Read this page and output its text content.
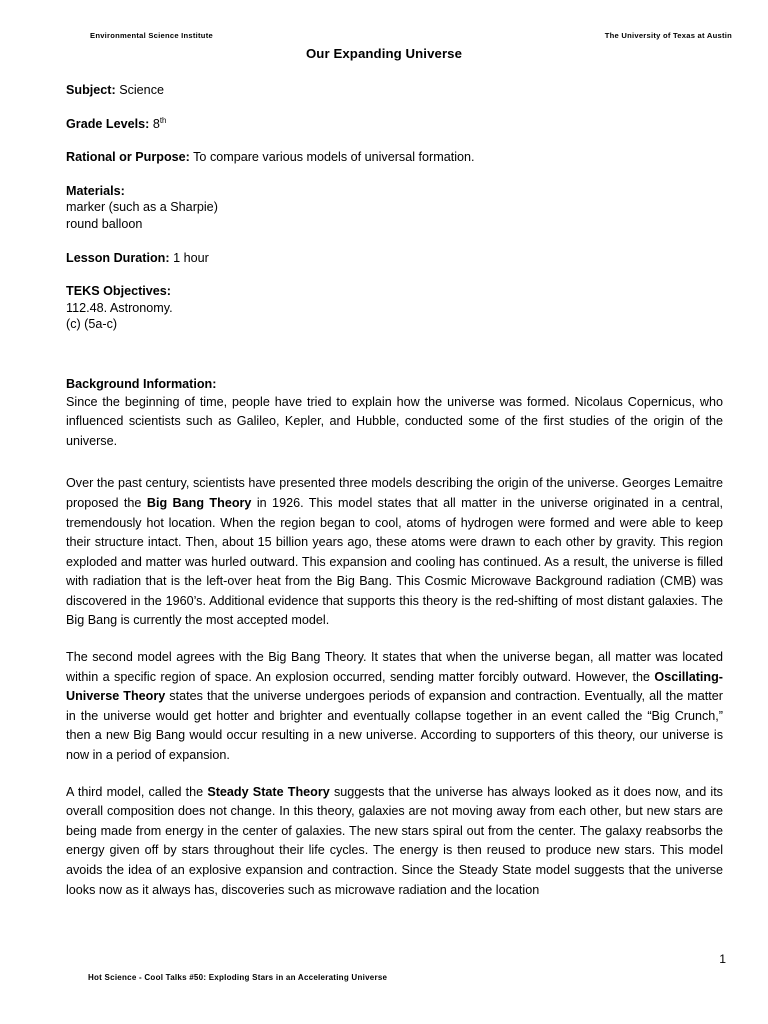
Environmental Science Institute	The University of Texas at Austin
Our Expanding Universe

Subject: Science

Grade Levels: 8th

Rational or Purpose: To compare various models of universal formation.

Materials:
marker (such as a Sharpie)
round balloon

Lesson Duration: 1 hour

TEKS Objectives:
112.48. Astronomy.
(c) (5a-c)
Background Information:
Since the beginning of time, people have tried to explain how the universe was formed. Nicolaus Copernicus, who influenced scientists such as Galileo, Kepler, and Hubble, conducted some of the first studies of the origin of the universe.

Over the past century, scientists have presented three models describing the origin of the universe. Georges Lemaitre proposed the Big Bang Theory in 1926. This model states that all matter in the universe originated in a central, tremendously hot location. When the region began to cool, atoms of hydrogen were formed and were able to keep their structure intact. Then, about 15 billion years ago, these atoms were drawn to each other by gravity. This region exploded and matter was hurled outward. This expansion and cooling has continued. As a result, the universe is filled with radiation that is the left-over heat from the Big Bang. This Cosmic Microwave Background radiation (CMB) was discovered in the 1960’s. Additional evidence that supports this theory is the red-shifting of most distant galaxies. The Big Bang is currently the most accepted model.

The second model agrees with the Big Bang Theory. It states that when the universe began, all matter was located within a specific region of space. An explosion occurred, sending matter forcibly outward. However, the Oscillating-Universe Theory states that the universe undergoes periods of expansion and contraction. Eventually, all the matter in the universe would get hotter and brighter and eventually collapse together in an event called the “Big Crunch,” then a new Big Bang would occur resulting in a new universe. According to supporters of this theory, our universe is now in a period of expansion.

A third model, called the Steady State Theory suggests that the universe has always looked as it does now, and its overall composition does not change. In this theory, galaxies are not moving away from each other, but new stars are being made from energy in the center of galaxies. The new stars spiral out from the center. The galaxy reabsorbs the energy given off by stars throughout their life cycles. The energy is then reused to produce new stars. This model avoids the idea of an explosive expansion and contraction. Since the Steady State model suggests that the universe looks now as it always has, discoveries such as microwave radiation and the location

Hot Science - Cool Talks #50: Exploding Stars in an Accelerating Universe
1
